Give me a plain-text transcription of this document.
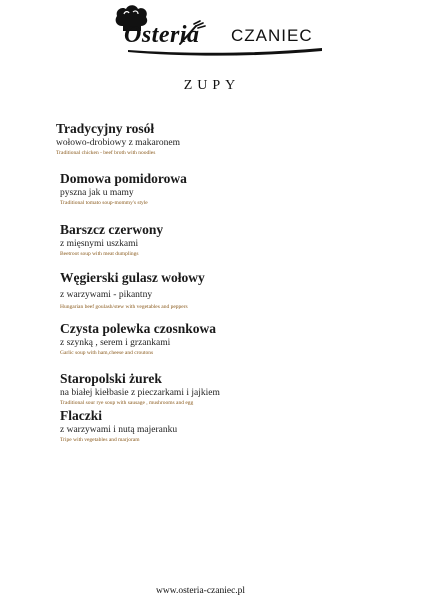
Osteria CZANIEC
ZUPY
Tradycyjny rosół
wołowo-drobiowy z makaronem
Traditional chicken - beef broth with noodles
Domowa pomidorowa
pyszna jak u mamy
Traditional tomato soup-mommy's style
Barszcz czerwony
z mięsnymi uszkami
Beetroot soup with meat dumplings
Węgierski gulasz wołowy
z warzywami - pikantny
Hungarian beef goulash/stew with vegetables and peppers
Czysta polewka czosnkowa
z szynką , serem i grzankami
Garlic soup with ham,cheese and croutons
Staropolski żurek
na białej kiełbasie z pieczarkami i jajkiem
Traditional sour rye soup with sausage , mushrooms and egg
Flaczki
z warzywami i nutą majeranku
Tripe with vegetables and marjoram
www.osteria-czaniec.pl
